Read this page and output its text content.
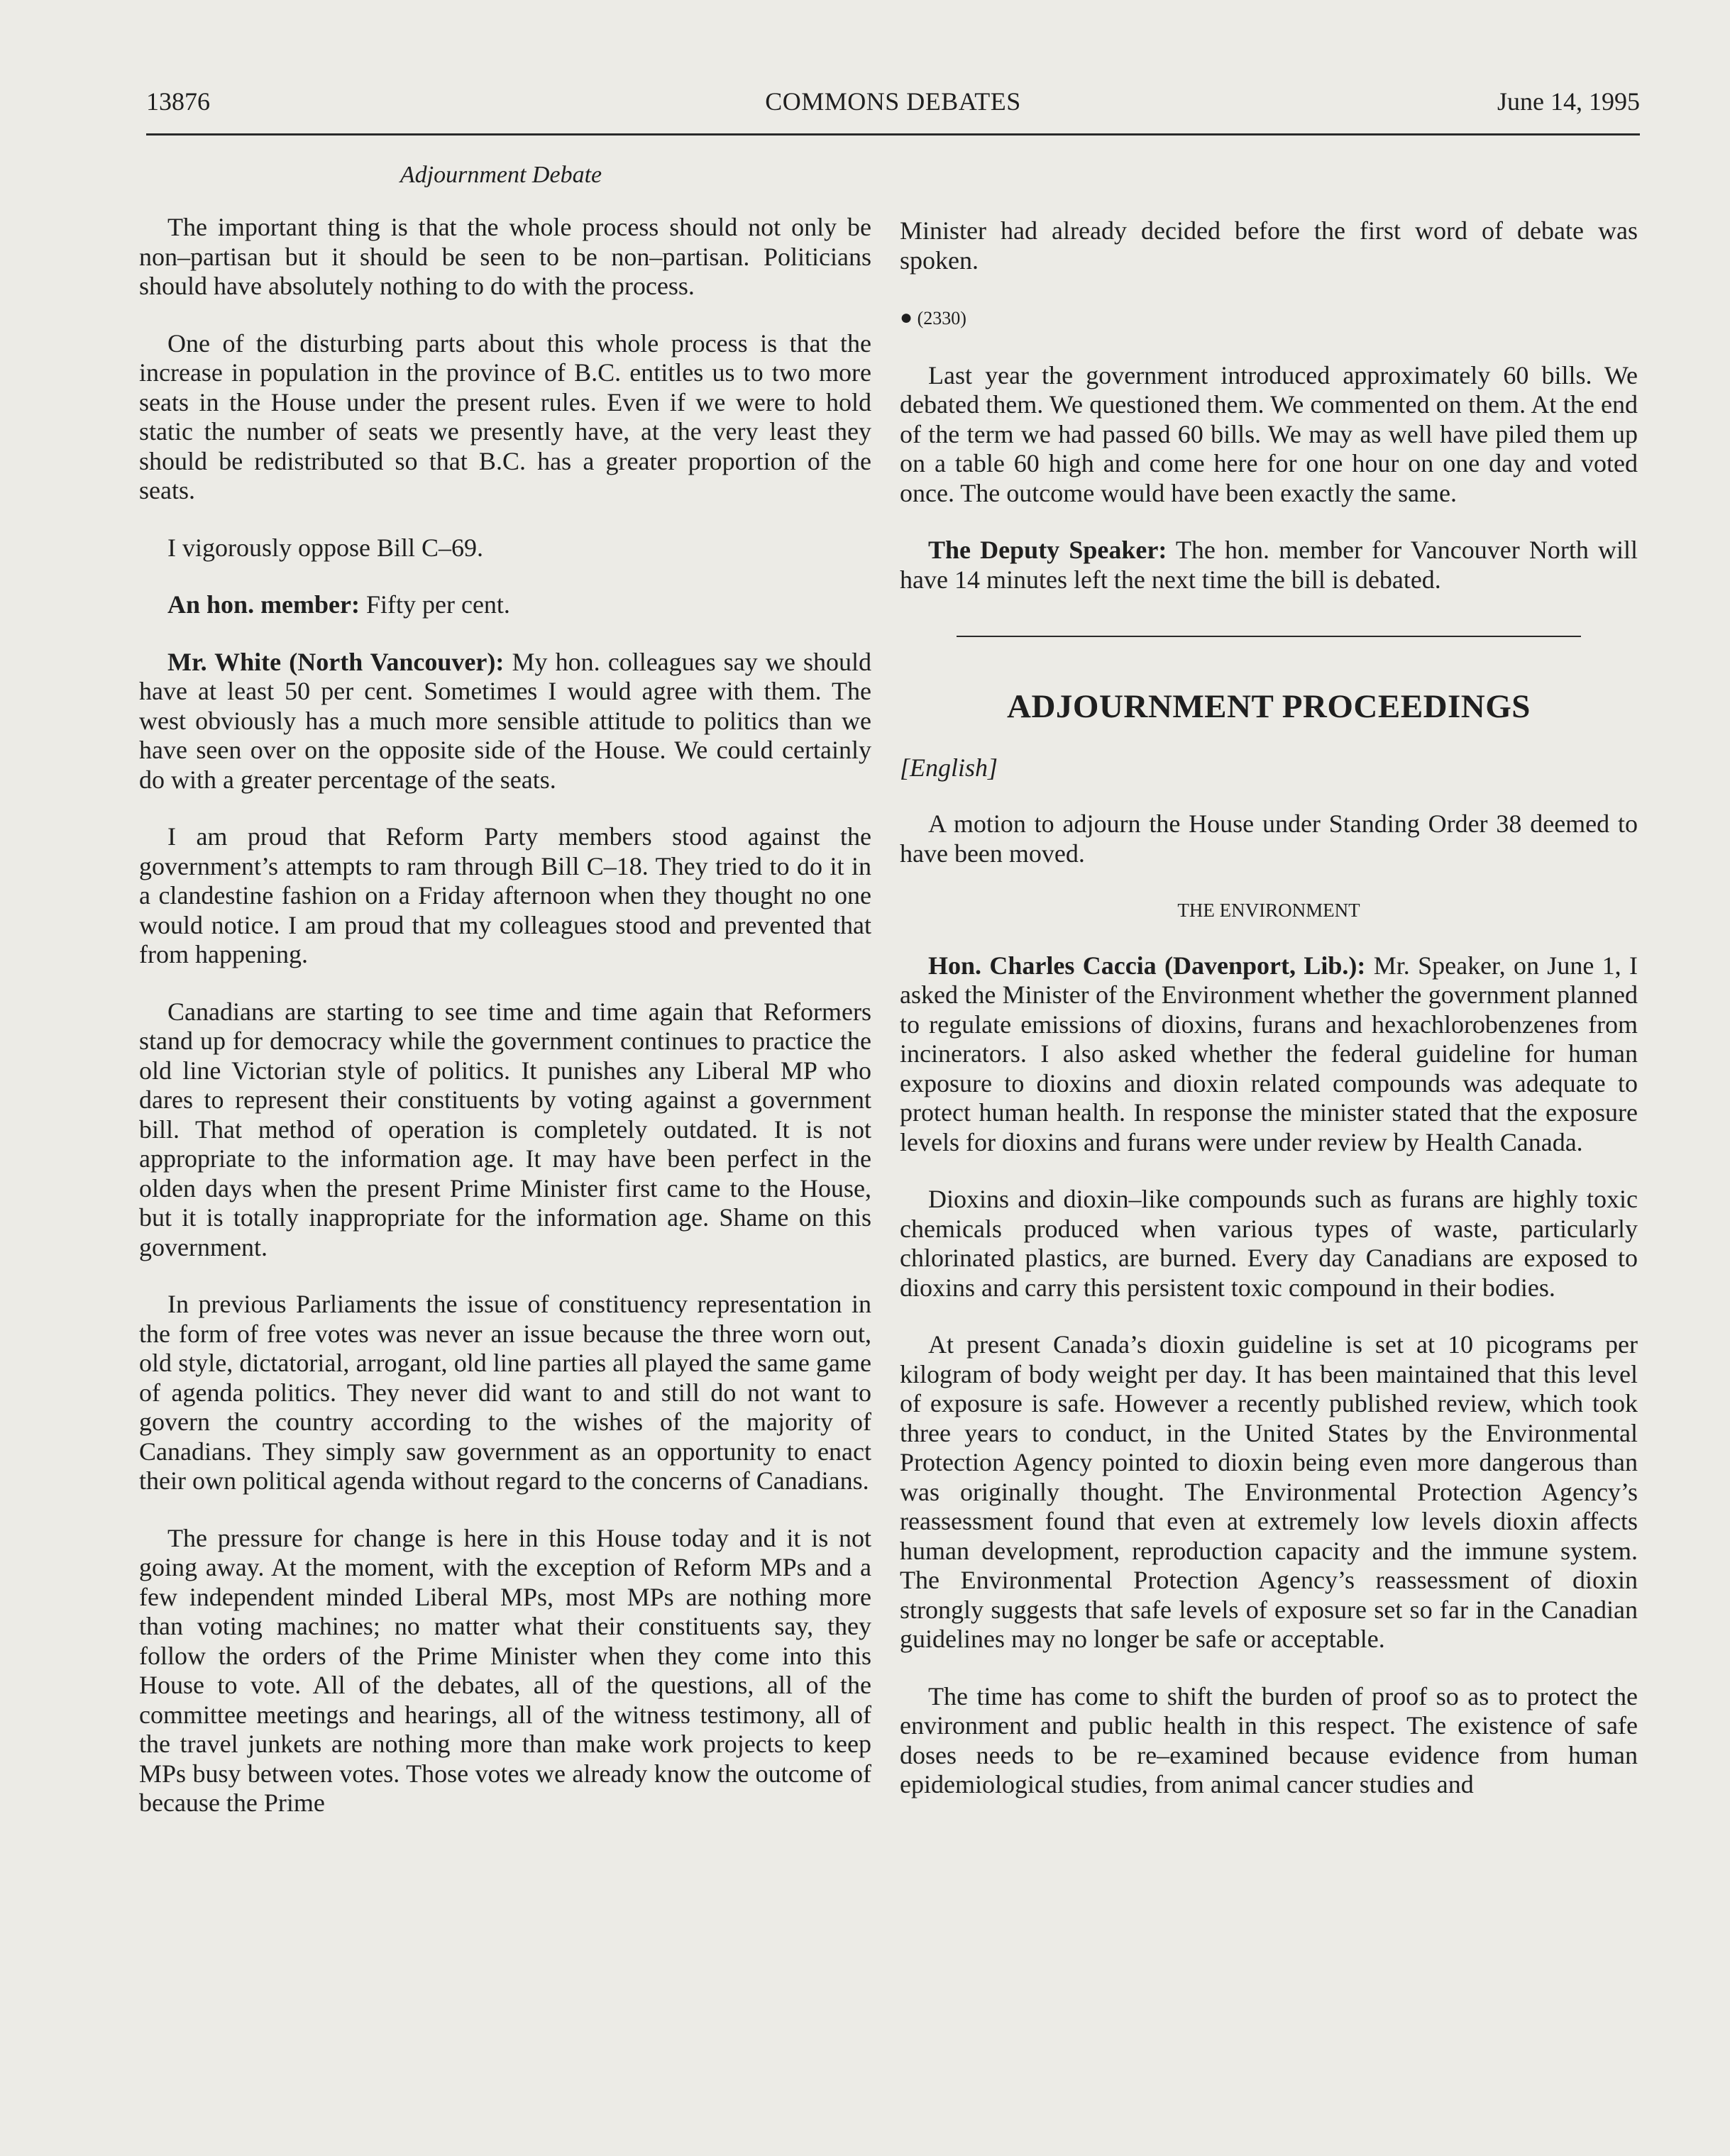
13876	COMMONS DEBATES	June 14, 1995
Adjournment Debate

The important thing is that the whole process should not only be non–partisan but it should be seen to be non–partisan. Politicians should have absolutely nothing to do with the process.

One of the disturbing parts about this whole process is that the increase in population in the province of B.C. entitles us to two more seats in the House under the present rules. Even if we were to hold static the number of seats we presently have, at the very least they should be redistributed so that B.C. has a greater proportion of the seats.

I vigorously oppose Bill C–69.

An hon. member: Fifty per cent.

Mr. White (North Vancouver): My hon. colleagues say we should have at least 50 per cent. Sometimes I would agree with them. The west obviously has a much more sensible attitude to politics than we have seen over on the opposite side of the House. We could certainly do with a greater percentage of the seats.

I am proud that Reform Party members stood against the government’s attempts to ram through Bill C–18. They tried to do it in a clandestine fashion on a Friday afternoon when they thought no one would notice. I am proud that my colleagues stood and prevented that from happening.

Canadians are starting to see time and time again that Reformers stand up for democracy while the government continues to practice the old line Victorian style of politics. It punishes any Liberal MP who dares to represent their constituents by voting against a government bill. That method of operation is completely outdated. It is not appropriate to the information age. It may have been perfect in the olden days when the present Prime Minister first came to the House, but it is totally inappropriate for the information age. Shame on this government.

In previous Parliaments the issue of constituency representation in the form of free votes was never an issue because the three worn out, old style, dictatorial, arrogant, old line parties all played the same game of agenda politics. They never did want to and still do not want to govern the country according to the wishes of the majority of Canadians. They simply saw government as an opportunity to enact their own political agenda without regard to the concerns of Canadians.

The pressure for change is here in this House today and it is not going away. At the moment, with the exception of Reform MPs and a few independent minded Liberal MPs, most MPs are nothing more than voting machines; no matter what their constituents say, they follow the orders of the Prime Minister when they come into this House to vote. All of the debates, all of the questions, all of the committee meetings and hearings, all of the witness testimony, all of the travel junkets are nothing more than make work projects to keep MPs busy between votes. Those votes we already know the outcome of because the Prime

Minister had already decided before the first word of debate was spoken.

● (2330)

Last year the government introduced approximately 60 bills. We debated them. We questioned them. We commented on them. At the end of the term we had passed 60 bills. We may as well have piled them up on a table 60 high and come here for one hour on one day and voted once. The outcome would have been exactly the same.

The Deputy Speaker: The hon. member for Vancouver North will have 14 minutes left the next time the bill is debated.

ADJOURNMENT PROCEEDINGS
[English]

A motion to adjourn the House under Standing Order 38 deemed to have been moved.

THE ENVIRONMENT

Hon. Charles Caccia (Davenport, Lib.): Mr. Speaker, on June 1, I asked the Minister of the Environment whether the government planned to regulate emissions of dioxins, furans and hexachlorobenzenes from incinerators. I also asked whether the federal guideline for human exposure to dioxins and dioxin related compounds was adequate to protect human health. In response the minister stated that the exposure levels for dioxins and furans were under review by Health Canada.

Dioxins and dioxin–like compounds such as furans are highly toxic chemicals produced when various types of waste, particularly chlorinated plastics, are burned. Every day Canadians are exposed to dioxins and carry this persistent toxic compound in their bodies.

At present Canada’s dioxin guideline is set at 10 picograms per kilogram of body weight per day. It has been maintained that this level of exposure is safe. However a recently published review, which took three years to conduct, in the United States by the Environmental Protection Agency pointed to dioxin being even more dangerous than was originally thought. The Environmental Protection Agency’s reassessment found that even at extremely low levels dioxin affects human development, reproduction capacity and the immune system. The Environmental Protection Agency’s reassessment of dioxin strongly suggests that safe levels of exposure set so far in the Canadian guidelines may no longer be safe or acceptable.

The time has come to shift the burden of proof so as to protect the environment and public health in this respect. The existence of safe doses needs to be re–examined because evidence from human epidemiological studies, from animal cancer studies and
